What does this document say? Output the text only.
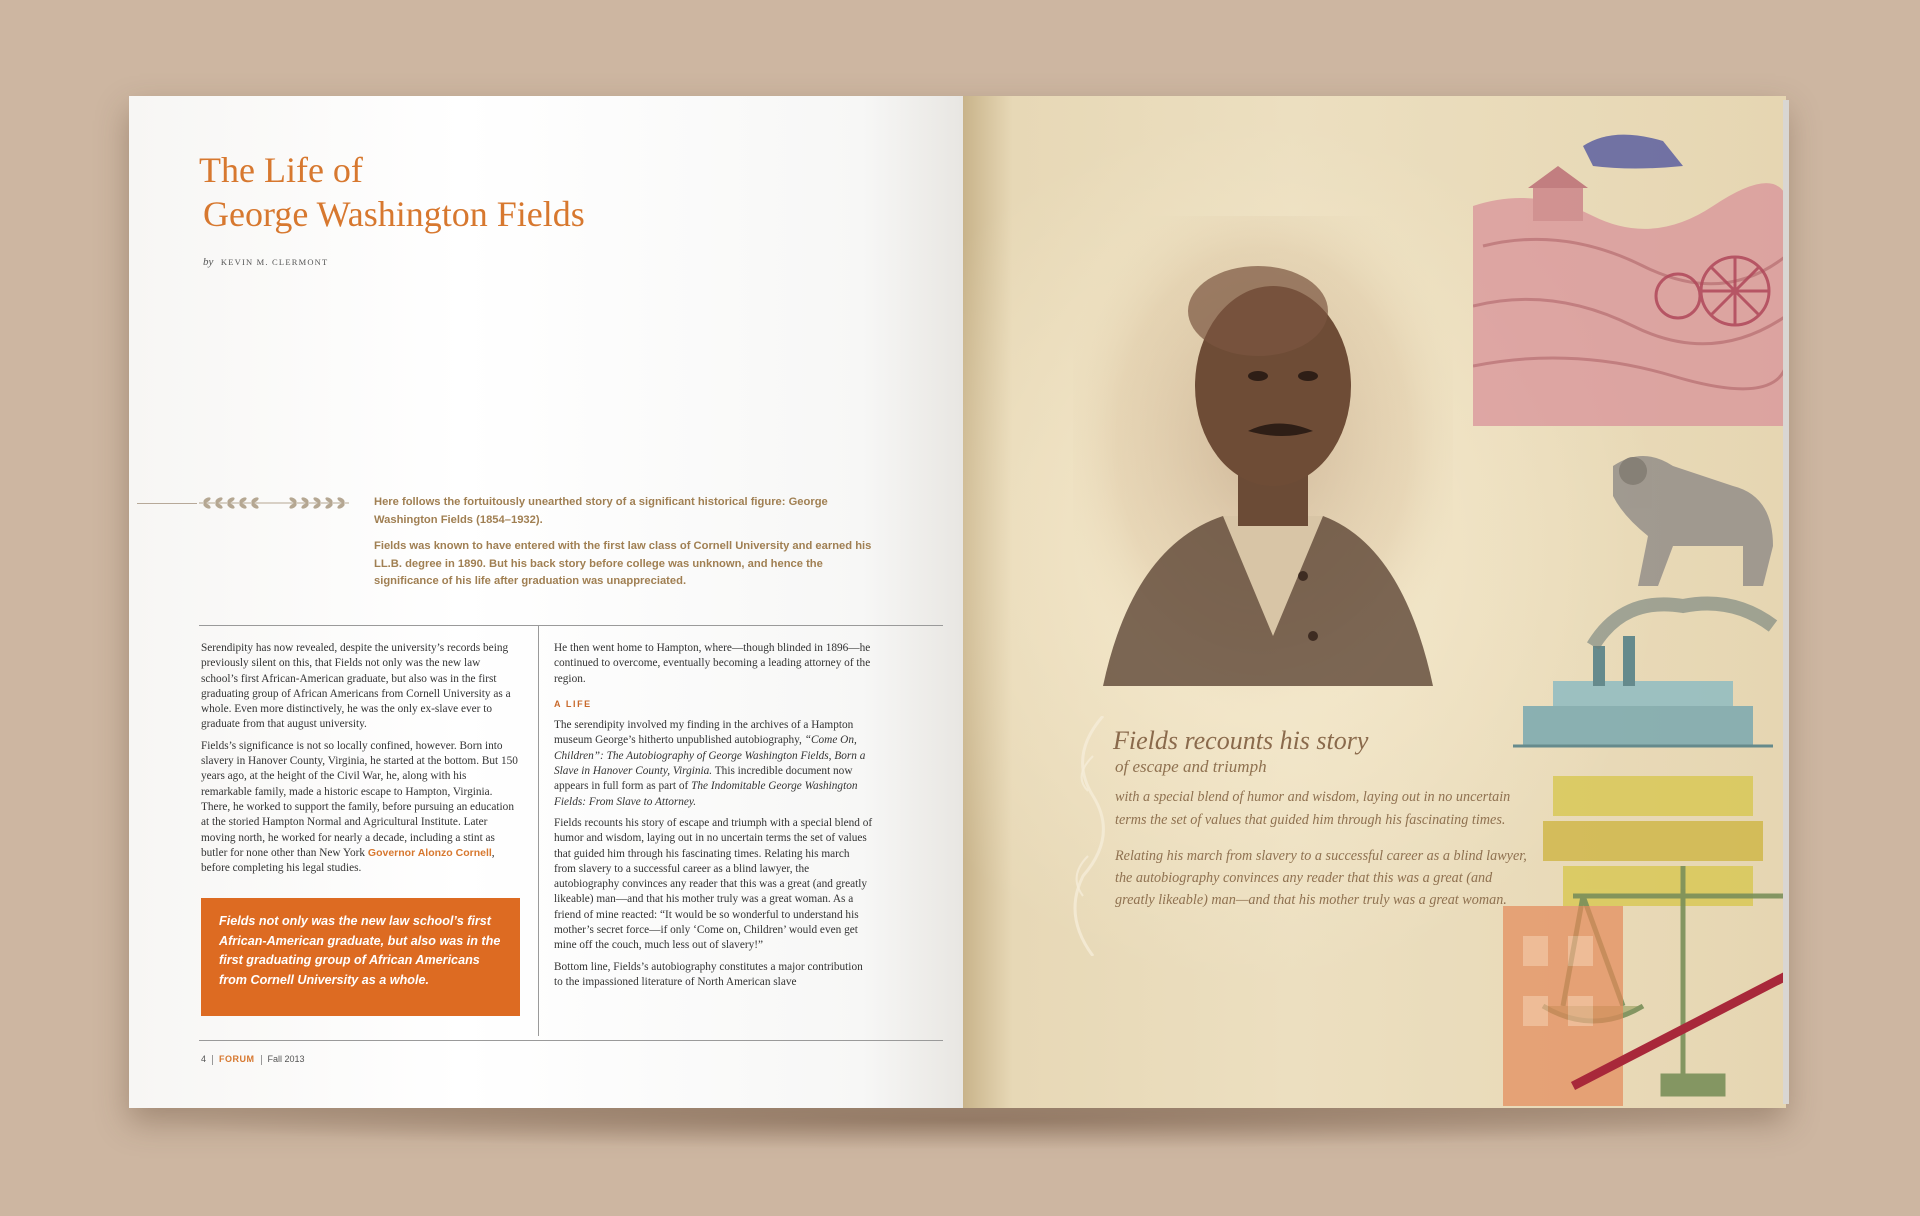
The Life of
George Washington Fields
by KEVIN M. CLERMONT

Here follows the fortuitously unearthed story of a significant historical figure: George Washington Fields (1854–1932).

Fields was known to have entered with the first law class of Cornell University and earned his LL.B. degree in 1890. But his back story before college was unknown, and hence the significance of his life after graduation was unappreciated.

Serendipity has now revealed, despite the university’s records being previously silent on this, that Fields not only was the new law school’s first African-American graduate, but also was in the first graduating group of African Americans from Cornell University as a whole. Even more distinctively, he was the only ex-slave ever to graduate from that august university.

Fields’s significance is not so locally confined, however. Born into slavery in Hanover County, Virginia, he started at the bottom. But 150 years ago, at the height of the Civil War, he, along with his remarkable family, made a historic escape to Hampton, Virginia. There, he worked to support the family, before pursuing an education at the storied Hampton Normal and Agricultural Institute. Later moving north, he worked for nearly a decade, including a stint as butler for none other than New York Governor Alonzo Cornell, before completing his legal studies.

Fields not only was the new law school’s first African-American graduate, but also was in the first graduating group of African Americans from Cornell University as a whole.

He then went home to Hampton, where—though blinded in 1896—he continued to overcome, eventually becoming a leading attorney of the region.

A LIFE

The serendipity involved my finding in the archives of a Hampton museum George’s hitherto unpublished autobiography, “Come On, Children”: The Autobiography of George Washington Fields, Born a Slave in Hanover County, Virginia. This incredible document now appears in full form as part of The Indomitable George Washington Fields: From Slave to Attorney.

Fields recounts his story of escape and triumph with a special blend of humor and wisdom, laying out in no uncertain terms the set of values that guided him through his fascinating times. Relating his march from slavery to a successful career as a blind lawyer, the autobiography convinces any reader that this was a great (and greatly likeable) man—and that his mother truly was a great woman. As a friend of mine reacted: “It would be so wonderful to understand his mother’s secret force—if only ‘Come on, Children’ would even get mine off the couch, much less out of slavery!”

Bottom line, Fields’s autobiography constitutes a major contribution to the impassioned literature of North American slave

4 FORUM Fall 2013
Fields recounts his story
of escape and triumph
with a special blend of humor and wisdom, laying out in no uncertain terms the set of values that guided him through his fascinating times.
Relating his march from slavery to a successful career as a blind lawyer, the autobiography convinces any reader that this was a great (and greatly likeable) man—and that his mother truly was a great woman.
